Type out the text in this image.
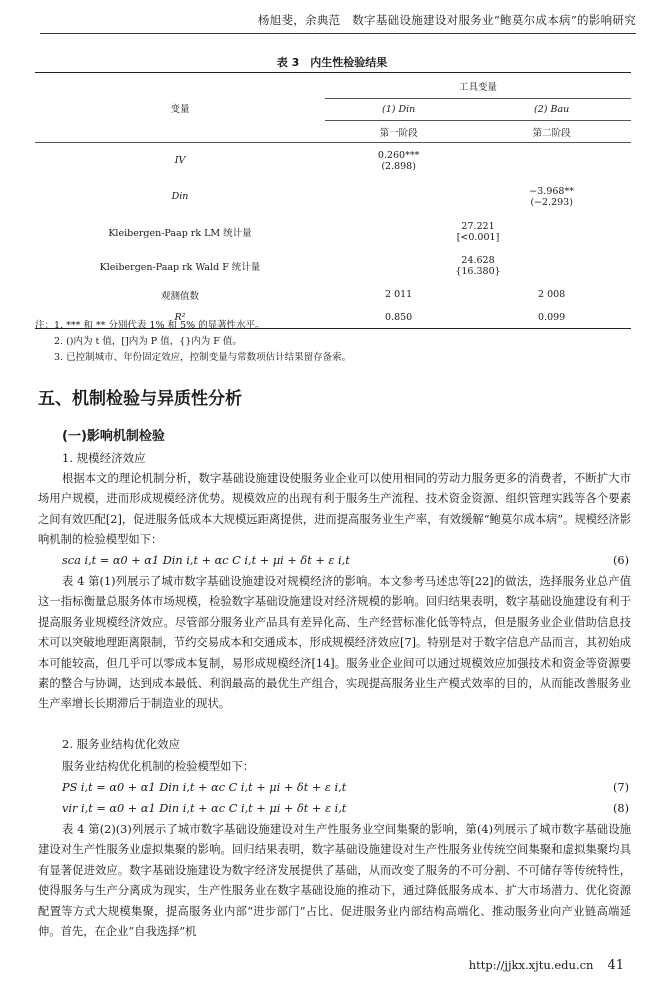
杨旭斐，余典范　数字基础设施建设对服务业“鲍莫尔成本病”的影响研究
表 3　内生性检验结果
变量	工具变量	
	(1) Din	(2) Bau
	第一阶段	第二阶段
IV	0.260***
(2.898)	

Din		−3.968**
(−2.293)

Kleibergen-Paap rk LM 统计量	27.221
[<0.001]	

Kleibergen-Paap rk Wald F 统计量	24.628
{16.380}	

观测值数	2 011	2 008
R²	0.850	0.099
注：1. *** 和 ** 分别代表 1% 和 5% 的显著性水平。
　　2. ()内为 t 值，[]内为 P 值，{}内为 F 值。
　　3. 已控制城市、年份固定效应，控制变量与常数项估计结果留存备索。
五、机制检验与异质性分析
(一)影响机制检验
1. 规模经济效应

根据本文的理论机制分析，数字基础设施建设使服务业企业可以使用相同的劳动力服务更多的消费者，不断扩大市场用户规模，进而形成规模经济优势。规模效应的出现有利于服务生产流程、技术资金资源、组织管理实践等各个要素之间有效匹配[2]，促进服务低成本大规模远距离提供，进而提高服务业生产率，有效缓解“鲍莫尔成本病”。规模经济影响机制的检验模型如下：

sca i,t = α0 + α1 Din i,t + αc C i,t + μi + δt + ε i,t	(6)

表 4 第(1)列展示了城市数字基础设施建设对规模经济的影响。本文参考马述忠等[22]的做法，选择服务业总产值这一指标衡量总服务体市场规模，检验数字基础设施建设对经济规模的影响。回归结果表明，数字基础设施建设有利于提高服务业规模经济效应。尽管部分服务业产品具有差异化高、生产经营标准化低等特点，但是服务业企业借助信息技术可以突破地理距离限制，节约交易成本和交通成本，形成规模经济效应[7]。特别是对于数字信息产品而言，其初始成本可能较高，但几乎可以零成本复制，易形成规模经济[14]。服务业企业间可以通过规模效应加强技术和资金等资源要素的整合与协调，达到成本最低、利润最高的最优生产组合，实现提高服务业生产模式效率的目的，从而能改善服务业生产率增长长期滞后于制造业的现状。

2. 服务业结构优化效应

服务业结构优化机制的检验模型如下：

PS i,t = α0 + α1 Din i,t + αc C i,t + μi + δt + ε i,t	(7)
vir i,t = α0 + α1 Din i,t + αc C i,t + μi + δt + ε i,t	(8)

表 4 第(2)(3)列展示了城市数字基础设施建设对生产性服务业空间集聚的影响，第(4)列展示了城市数字基础设施建设对生产性服务业虚拟集聚的影响。回归结果表明，数字基础设施建设对生产性服务业传统空间集聚和虚拟集聚均具有显著促进效应。数字基础设施建设为数字经济发展提供了基础，从而改变了服务的不可分割、不可储存等传统特性，使得服务与生产分离成为现实，生产性服务业在数字基础设施的推动下，通过降低服务成本、扩大市场潜力、优化资源配置等方式大规模集聚，提高服务业内部“进步部门”占比、促进服务业内部结构高端化、推动服务业向产业链高端延伸。首先，在企业“自我选择”机

http://jjkx.xjtu.edu.cn 41
